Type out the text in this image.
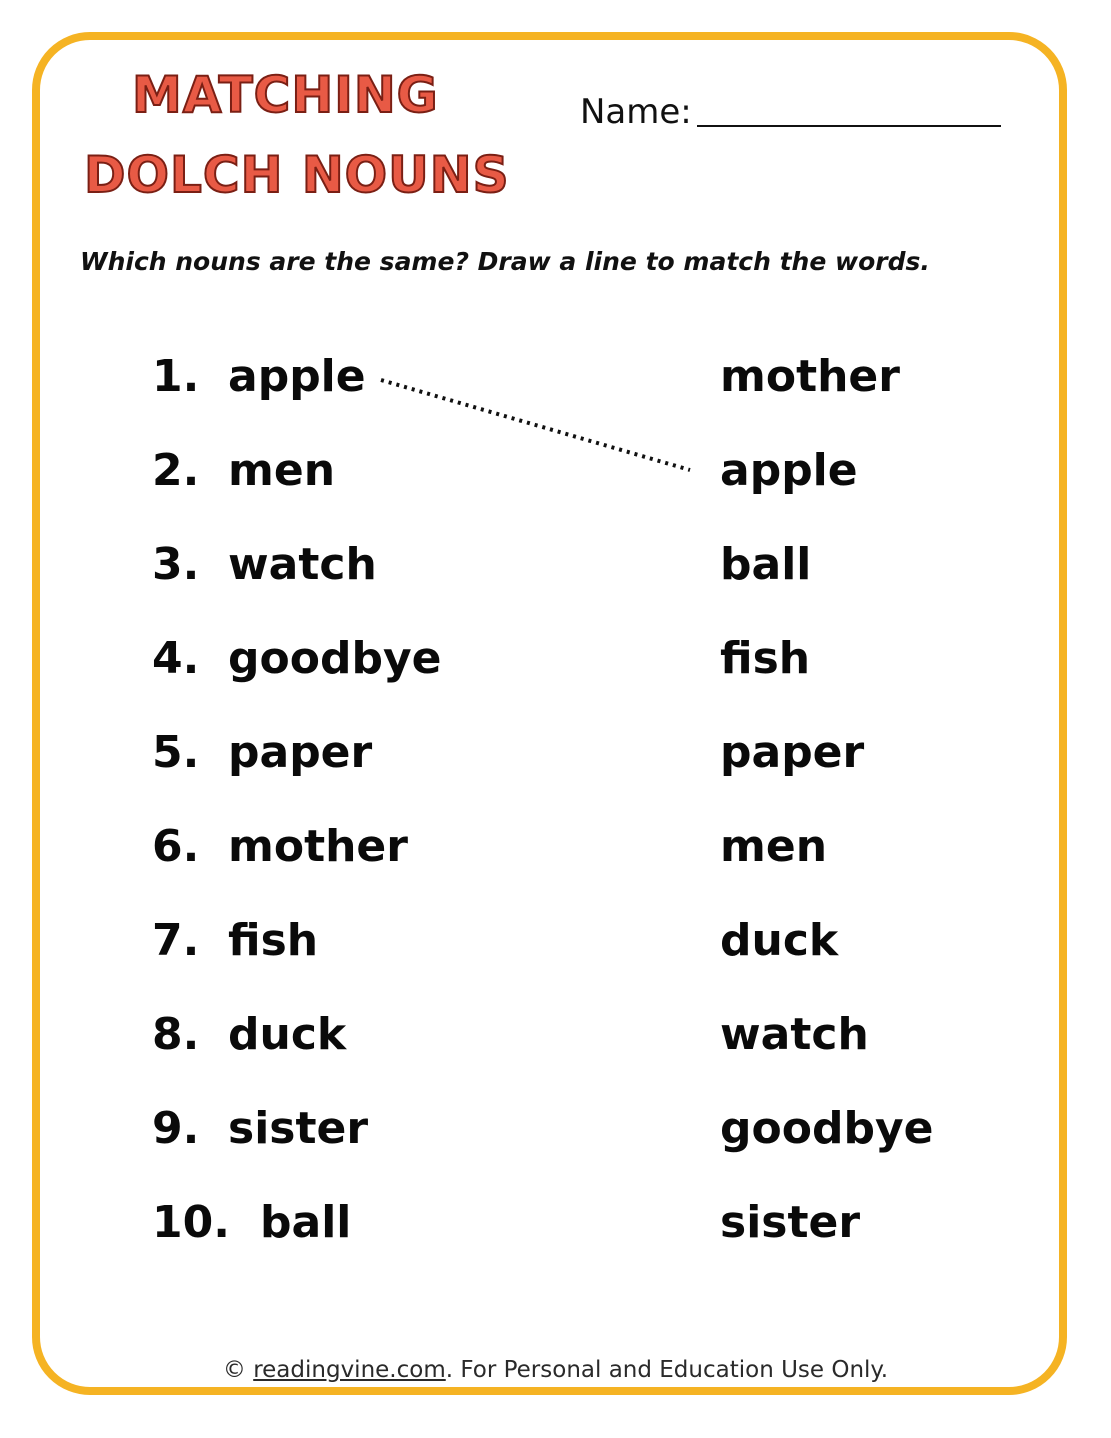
MATCHING
DOLCH NOUNS
Name:

Which nouns are the same? Draw a line to match the words.

1. apple
2. men
3. watch
4. goodbye
5. paper
6. mother
7. fish
8. duck
9. sister
10. ball
mother
apple
ball
fish
paper
men
duck
watch
goodbye
sister
© readingvine.com. For Personal and Education Use Only.
